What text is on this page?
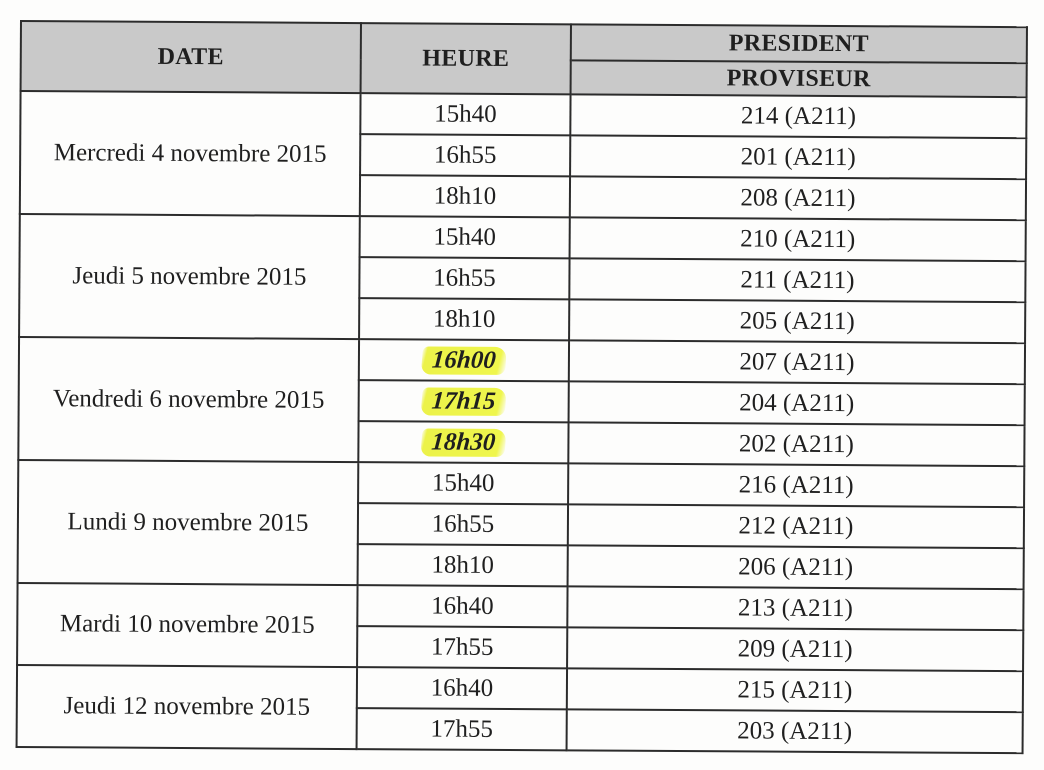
DATE	HEURE	PRESIDENT
		PROVISEUR
Mercredi 4 novembre 2015	15h40	214 (A211)
	16h55	201 (A211)
	18h10	208 (A211)
Jeudi 5 novembre 2015	15h40	210 (A211)
	16h55	211 (A211)
	18h10	205 (A211)
Vendredi 6 novembre 2015	16h00	207 (A211)
	17h15	204 (A211)
	18h30	202 (A211)
Lundi 9 novembre 2015	15h40	216 (A211)
	16h55	212 (A211)
	18h10	206 (A211)
Mardi 10 novembre 2015	16h40	213 (A211)
	17h55	209 (A211)
Jeudi 12 novembre 2015	16h40	215 (A211)
	17h55	203 (A211)
